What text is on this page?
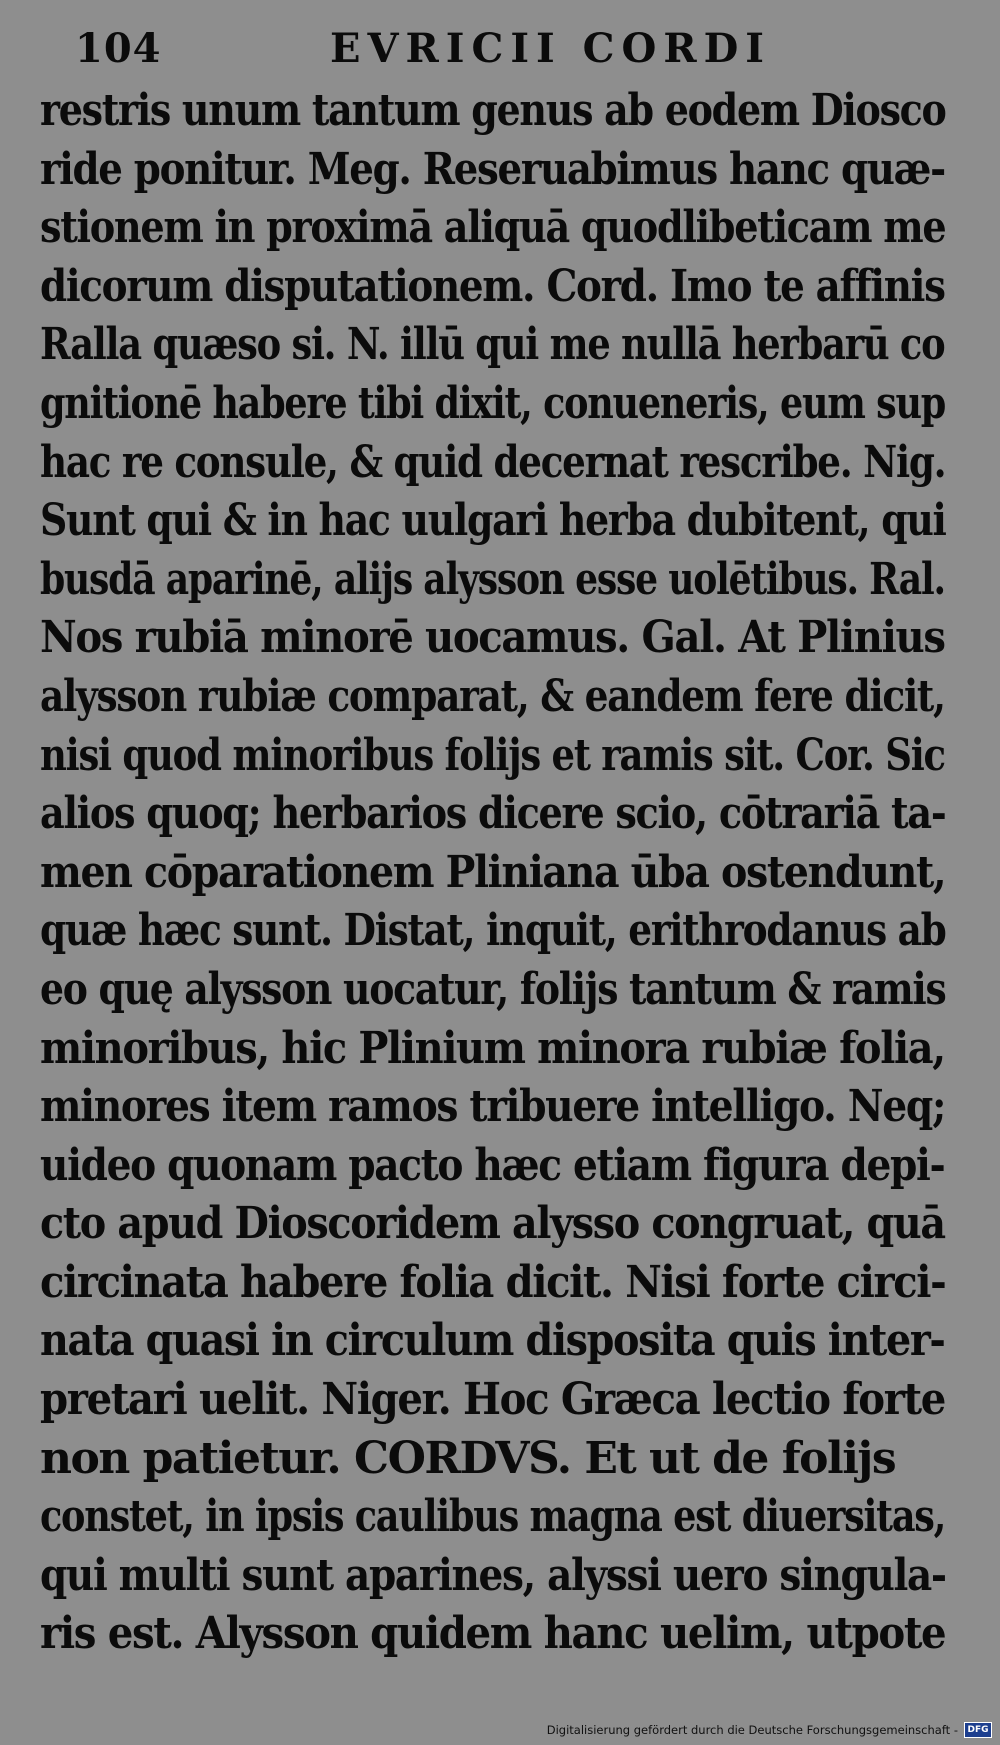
104	EVRICII CORDI
restris unum tantum genus ab eodem Diosco
ride ponitur. Meg. Reseruabimus hanc quæ-
stionem in proximā aliquā quodlibeticam me
dicorum disputationem. Cord. Imo te affinis
Ralla quæso si. N. illū qui me nullā herbarū co
gnitionē habere tibi dixit, conueneris, eum sup
hac re consule, & quid decernat rescribe. Nig.
Sunt qui & in hac uulgari herba dubitent, qui
busdā aparinē, alijs alysson esse uolētibus. Ral.
Nos rubiā minorē uocamus. Gal. At Plinius
alysson rubiæ comparat, & eandem fere dicit,
nisi quod minoribus folijs et ramis sit. Cor. Sic
alios quoq; herbarios dicere scio, cōtrariā ta-
men cōparationem Pliniana ūba ostendunt,
quæ hæc sunt. Distat, inquit, erithrodanus ab
eo quę alysson uocatur, folijs tantum & ramis
minoribus, hic Plinium minora rubiæ folia,
minores item ramos tribuere intelligo. Neq;
uideo quonam pacto hæc etiam figura depi-
cto apud Dioscoridem alysso congruat, quā
circinata habere folia dicit. Nisi forte circi-
nata quasi in circulum disposita quis inter-
pretari uelit. Niger. Hoc Græca lectio forte
non patietur. CORDVS. Et ut de folijs
constet, in ipsis caulibus magna est diuersitas,
qui multi sunt aparines, alyssi uero singula-
ris est. Alysson quidem hanc uelim, utpote
Digitalisierung gefördert durch die Deutsche Forschungsgemeinschaft -	DFG
